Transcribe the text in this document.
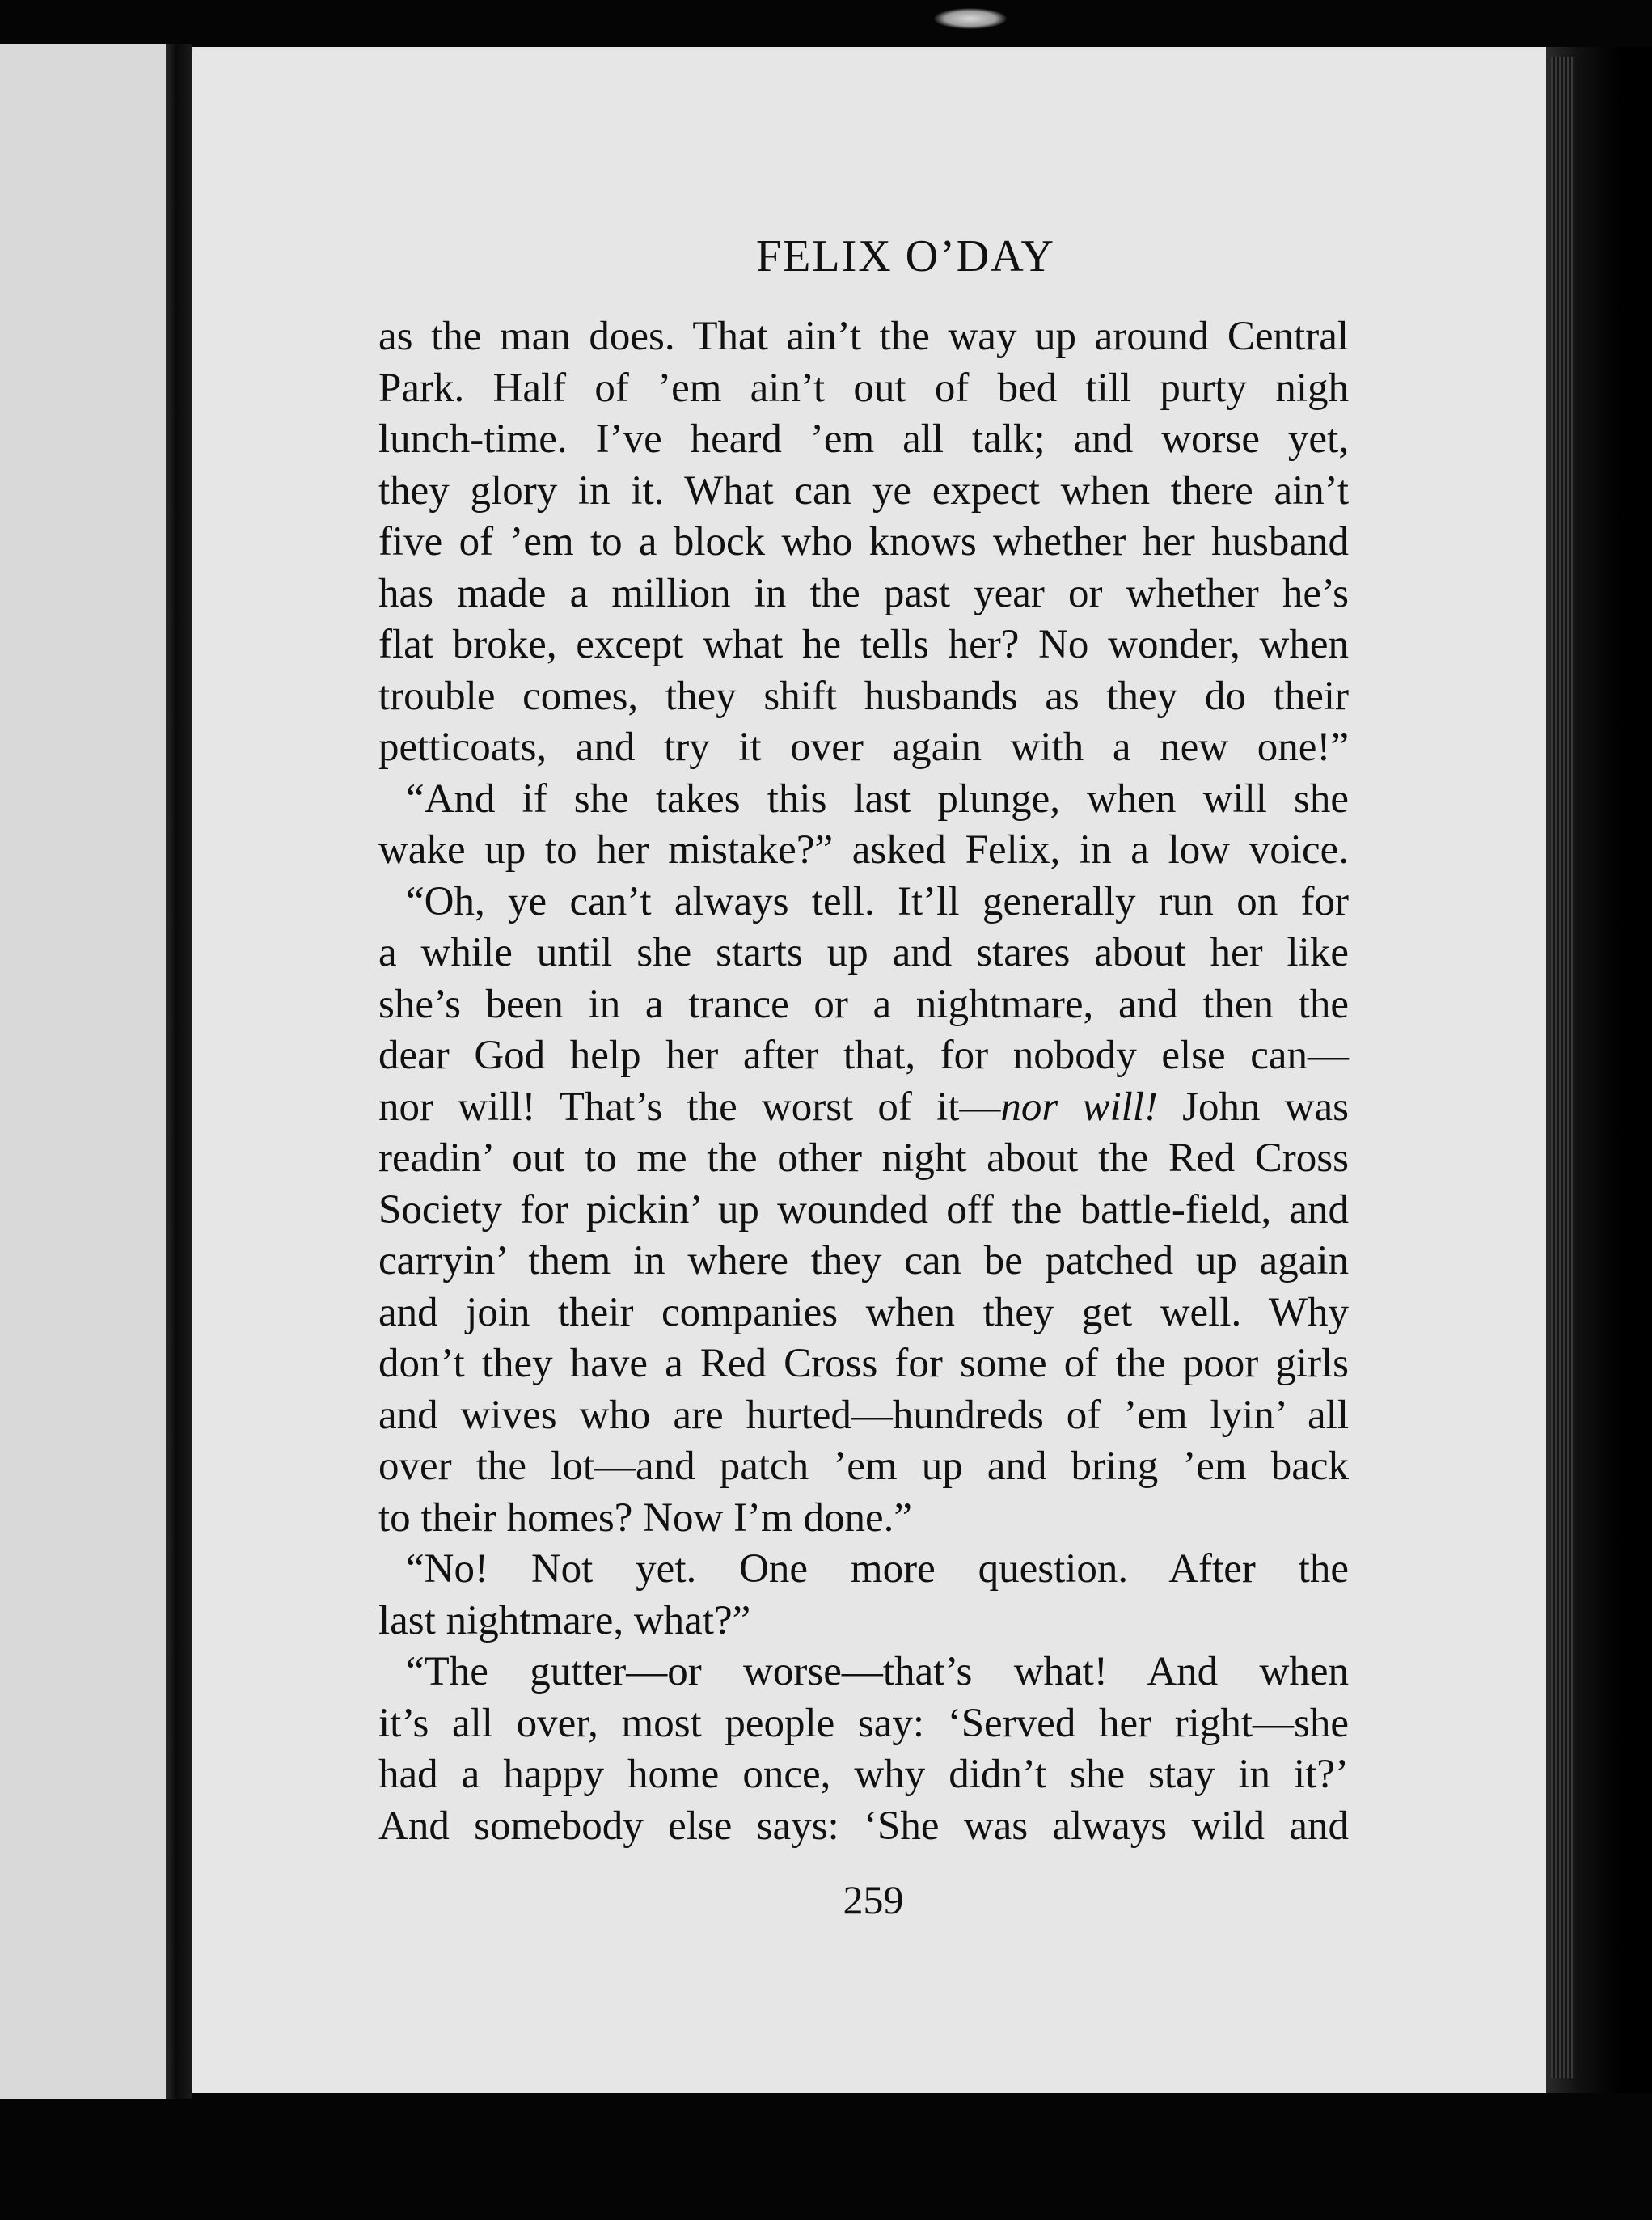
FELIX O’DAY
as the man does. That ain’t the way up around Central
Park. Half of ’em ain’t out of bed till purty nigh
lunch-time. I’ve heard ’em all talk; and worse yet,
they glory in it. What can ye expect when there ain’t
five of ’em to a block who knows whether her husband
has made a million in the past year or whether he’s
flat broke, except what he tells her? No wonder, when
trouble comes, they shift husbands as they do their
petticoats, and try it over again with a new one!”
“And if she takes this last plunge, when will she
wake up to her mistake?” asked Felix, in a low voice.
“Oh, ye can’t always tell. It’ll generally run on for
a while until she starts up and stares about her like
she’s been in a trance or a nightmare, and then the
dear God help her after that, for nobody else can—
nor will! That’s the worst of it—nor will! John was
readin’ out to me the other night about the Red Cross
Society for pickin’ up wounded off the battle-field, and
carryin’ them in where they can be patched up again
and join their companies when they get well. Why
don’t they have a Red Cross for some of the poor girls
and wives who are hurted—hundreds of ’em lyin’ all
over the lot—and patch ’em up and bring ’em back
to their homes? Now I’m done.”
“No! Not yet. One more question. After the
last nightmare, what?”
“The gutter—or worse—that’s what! And when
it’s all over, most people say: ‘Served her right—she
had a happy home once, why didn’t she stay in it?’
And somebody else says: ‘She was always wild and
259
